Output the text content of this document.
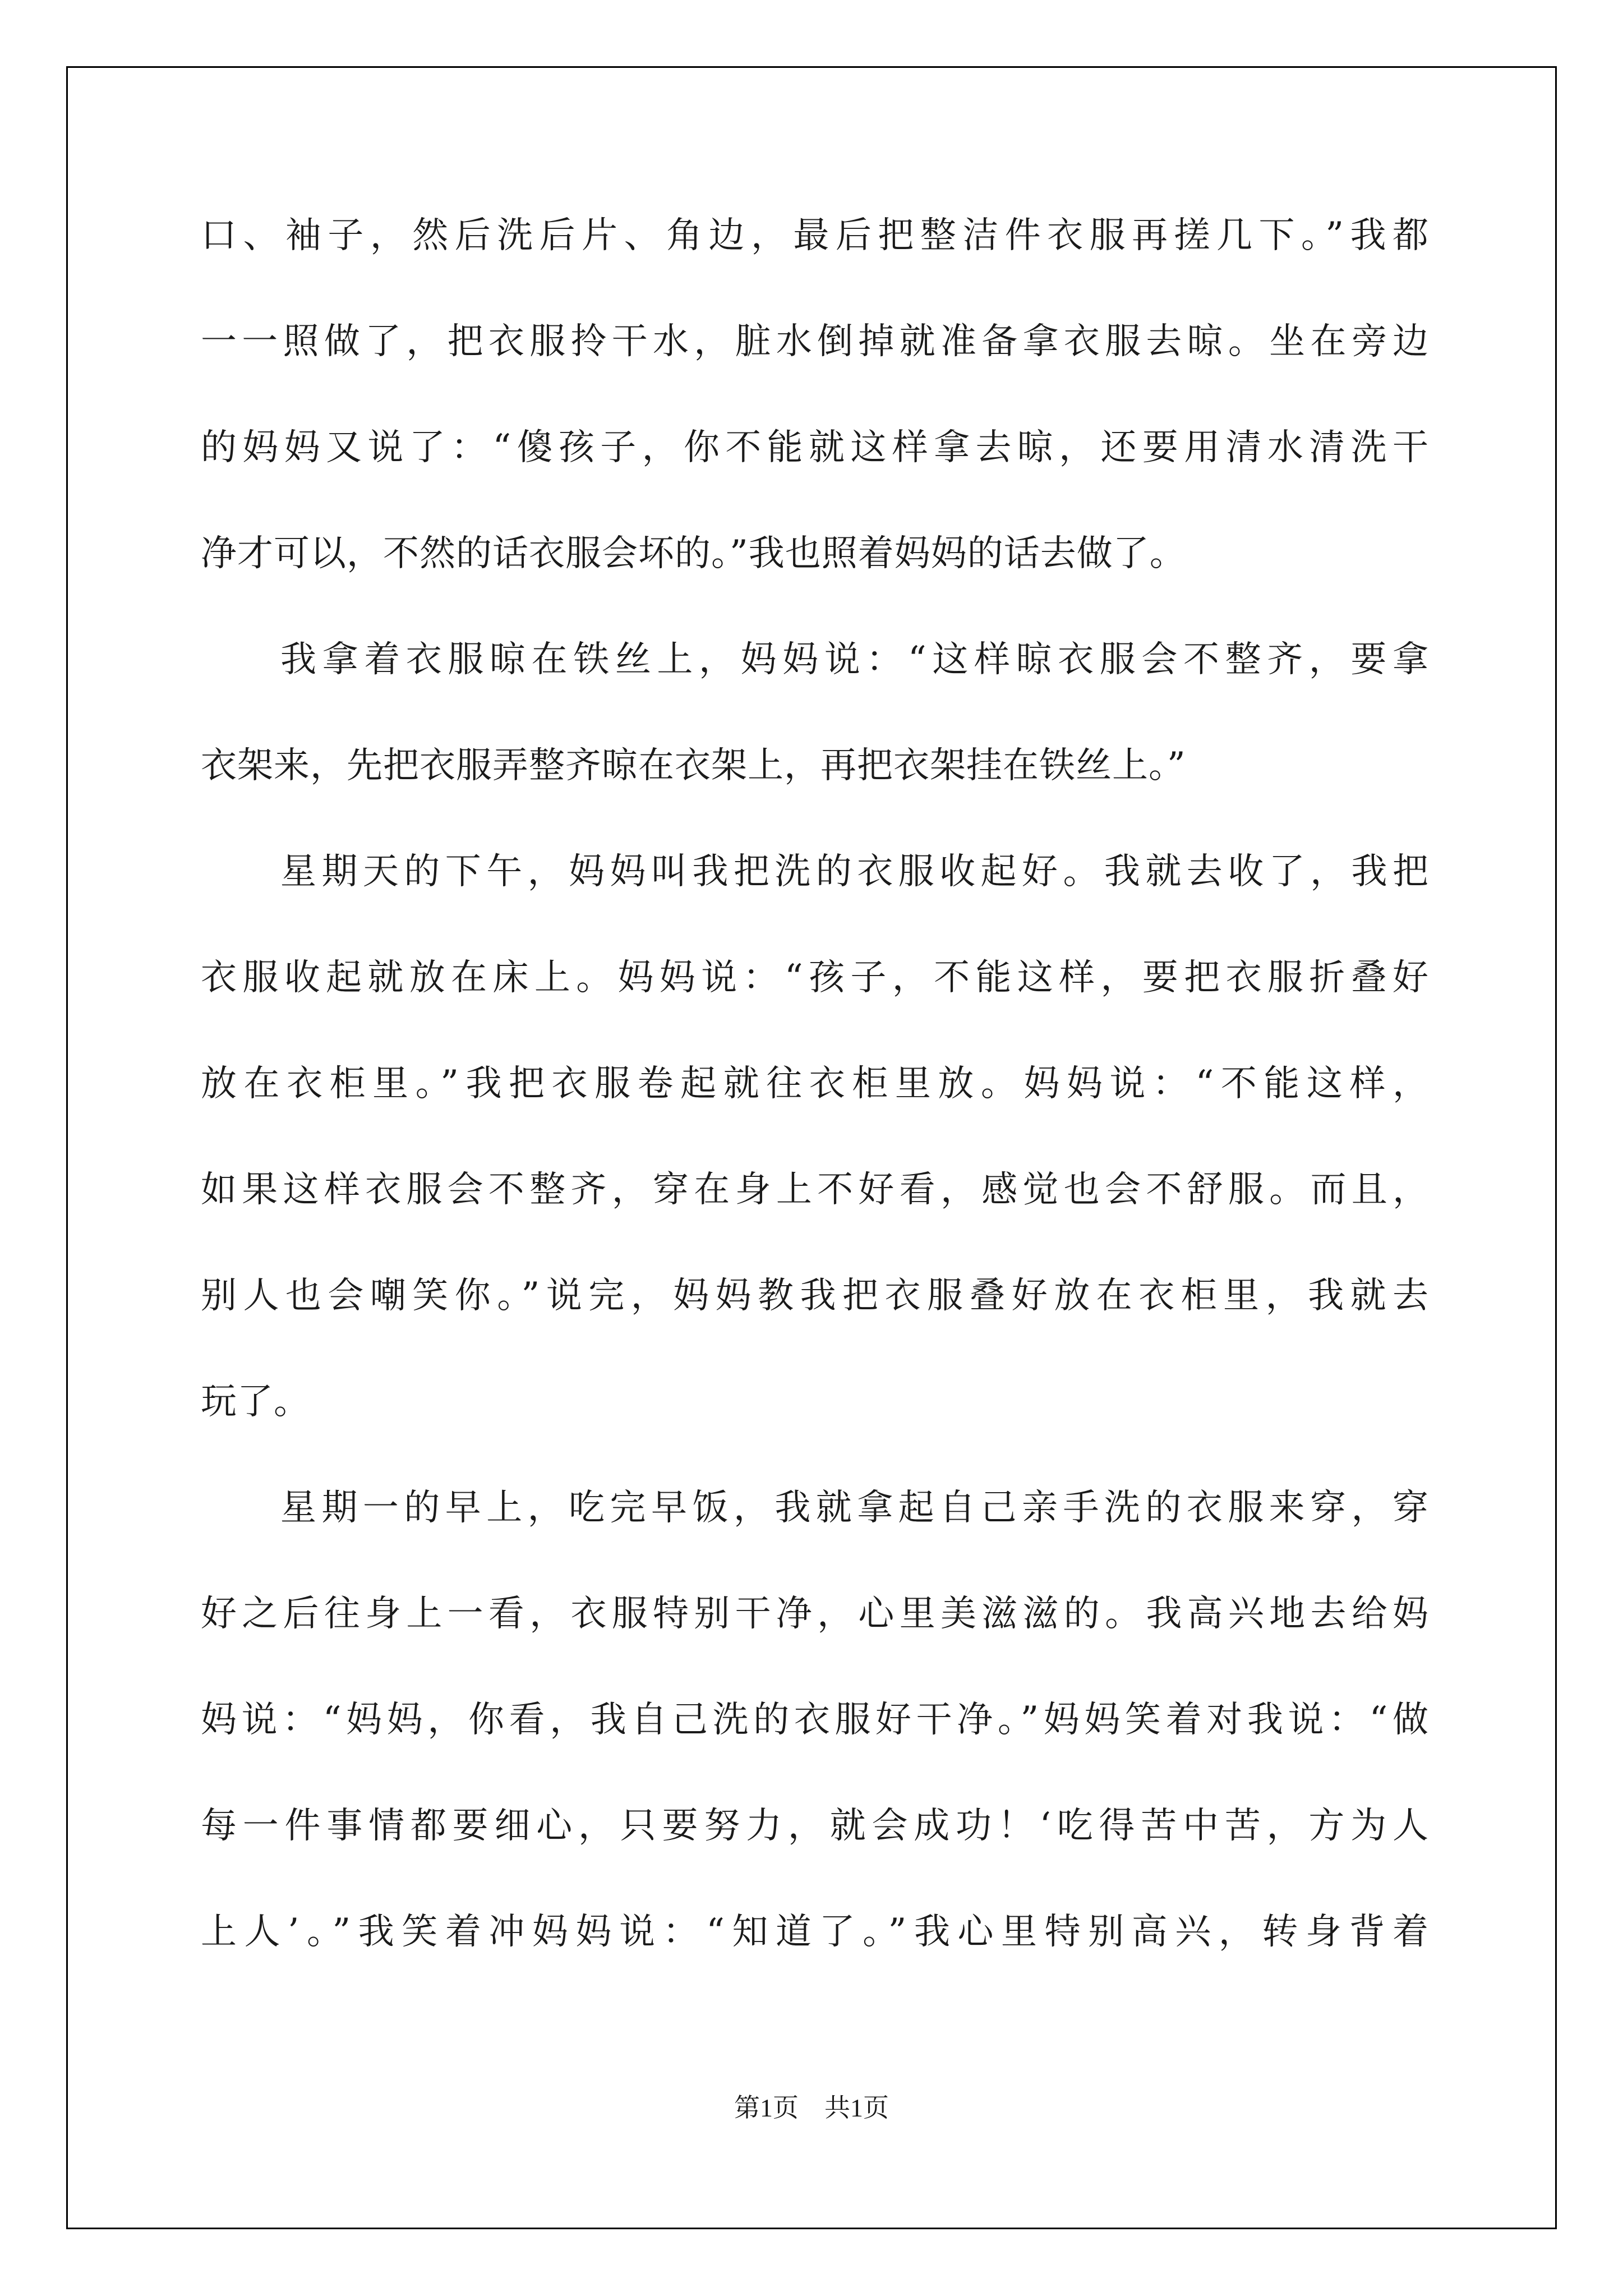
口、袖子，然后洗后片、角边，最后把整洁件衣服再搓几下。”我都
一一照做了，把衣服拎干水，脏水倒掉就准备拿衣服去晾。坐在旁边
的妈妈又说了：“傻孩子，你不能就这样拿去晾，还要用清水清洗干
净才可以，不然的话衣服会坏的。”我也照着妈妈的话去做了。
我拿着衣服晾在铁丝上，妈妈说：“这样晾衣服会不整齐，要拿
衣架来，先把衣服弄整齐晾在衣架上，再把衣架挂在铁丝上。”
星期天的下午，妈妈叫我把洗的衣服收起好。我就去收了，我把
衣服收起就放在床上。妈妈说：“孩子，不能这样，要把衣服折叠好
放在衣柜里。”我把衣服卷起就往衣柜里放。妈妈说：“不能这样，
如果这样衣服会不整齐，穿在身上不好看，感觉也会不舒服。而且，
别人也会嘲笑你。”说完，妈妈教我把衣服叠好放在衣柜里，我就去
玩了。
星期一的早上，吃完早饭，我就拿起自己亲手洗的衣服来穿，穿
好之后往身上一看，衣服特别干净，心里美滋滋的。我高兴地去给妈
妈说：“妈妈，你看，我自己洗的衣服好干净。”妈妈笑着对我说：“做
每一件事情都要细心，只要努力，就会成功！‘吃得苦中苦，方为人
上人’。”我笑着冲妈妈说：“知道了。”我心里特别高兴，转身背着
第1页　共1页
